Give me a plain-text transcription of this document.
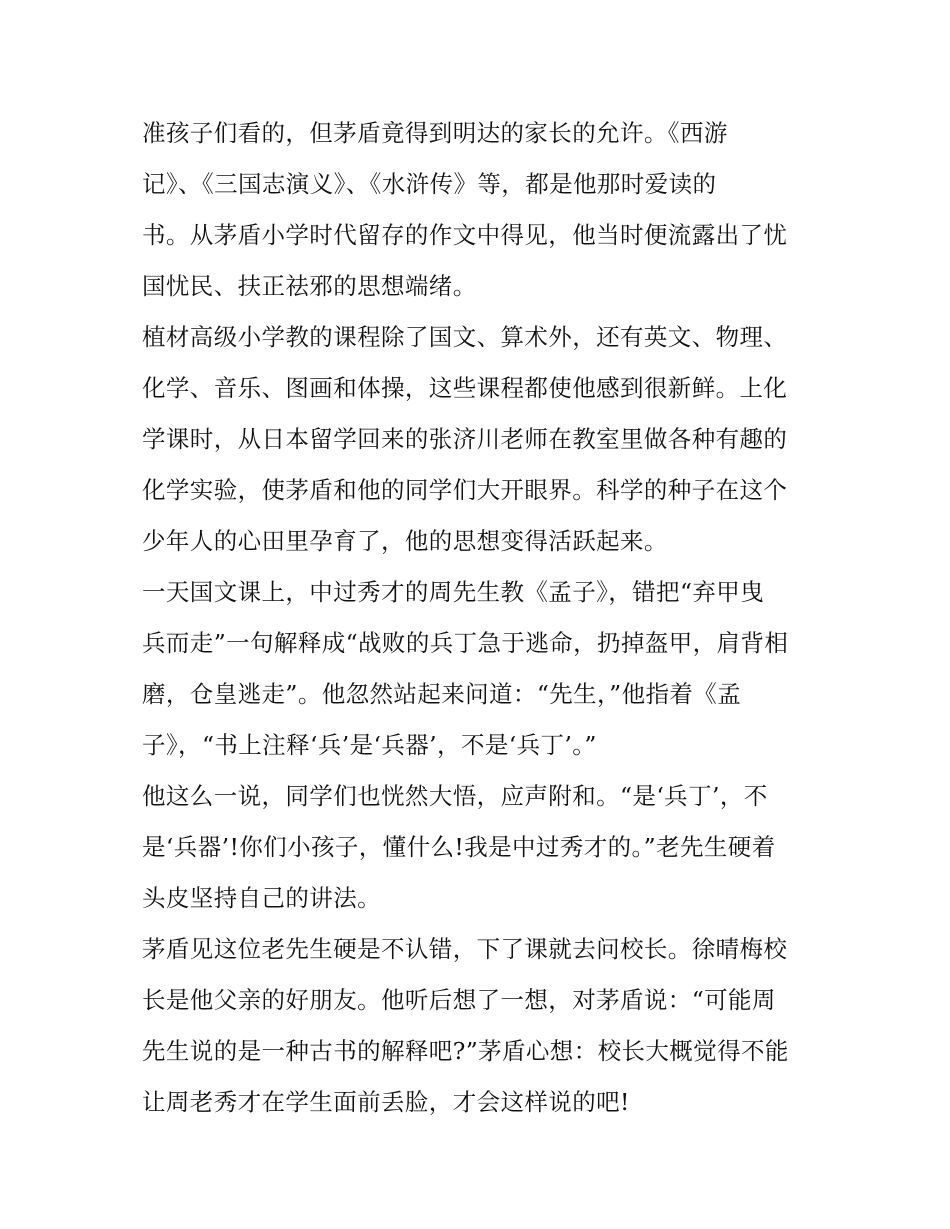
准孩子们看的，但茅盾竟得到明达的家长的允许。《西游
记》、《三国志演义》、《水浒传》等，都是他那时爱读的
书。从茅盾小学时代留存的作文中得见，他当时便流露出了忧
国忧民、扶正祛邪的思想端绪。
植材高级小学教的课程除了国文、算术外，还有英文、物理、
化学、音乐、图画和体操，这些课程都使他感到很新鲜。上化
学课时，从日本留学回来的张济川老师在教室里做各种有趣的
化学实验，使茅盾和他的同学们大开眼界。科学的种子在这个
少年人的心田里孕育了，他的思想变得活跃起来。
一天国文课上，中过秀才的周先生教《孟子》，错把“弃甲曳
兵而走”一句解释成“战败的兵丁急于逃命，扔掉盔甲，肩背相
磨，仓皇逃走”。他忽然站起来问道：“先生，”他指着《孟
子》，“书上注释‘兵’是‘兵器’，不是‘兵丁’。”
他这么一说，同学们也恍然大悟，应声附和。“是‘兵丁’，不
是‘兵器’!你们小孩子，懂什么!我是中过秀才的。”老先生硬着
头皮坚持自己的讲法。
茅盾见这位老先生硬是不认错，下了课就去问校长。徐晴梅校
长是他父亲的好朋友。他听后想了一想，对茅盾说：“可能周
先生说的是一种古书的解释吧?”茅盾心想：校长大概觉得不能
让周老秀才在学生面前丢脸，才会这样说的吧!
